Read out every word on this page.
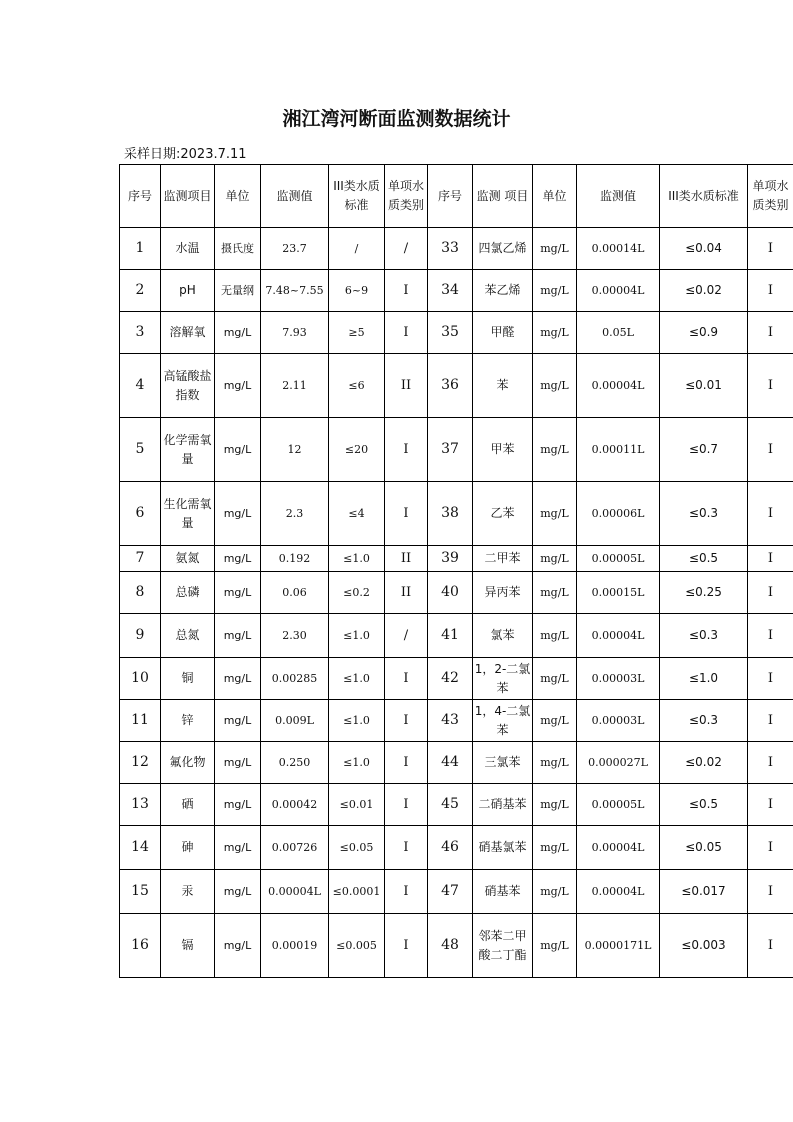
湘江湾河断面监测数据统计
采样日期:2023.7.11
序号	监测项目	单位	监测值	III类水质标准	单项水质类别	序号	监测 项目	单位	监测值	III类水质标准	单项水质类别
1	水温	摄氏度	23.7	/	/	33	四氯乙烯	mg/L	0.00014L	≤0.04	I
2	pH	无量纲	7.48~7.55	6~9	I	34	苯乙烯	mg/L	0.00004L	≤0.02	I
3	溶解氧	mg/L	7.93	≥5	I	35	甲醛	mg/L	0.05L	≤0.9	I
4	高锰酸盐指数	mg/L	2.11	≤6	II	36	苯	mg/L	0.00004L	≤0.01	I
5	化学需氧量	mg/L	12	≤20	I	37	甲苯	mg/L	0.00011L	≤0.7	I
6	生化需氧量	mg/L	2.3	≤4	I	38	乙苯	mg/L	0.00006L	≤0.3	I
7	氨氮	mg/L	0.192	≤1.0	II	39	二甲苯	mg/L	0.00005L	≤0.5	I
8	总磷	mg/L	0.06	≤0.2	II	40	异丙苯	mg/L	0.00015L	≤0.25	I
9	总氮	mg/L	2.30	≤1.0	/	41	氯苯	mg/L	0.00004L	≤0.3	I
10	铜	mg/L	0.00285	≤1.0	I	42	1，2-二氯苯	mg/L	0.00003L	≤1.0	I
11	锌	mg/L	0.009L	≤1.0	I	43	1，4-二氯苯	mg/L	0.00003L	≤0.3	I
12	氟化物	mg/L	0.250	≤1.0	I	44	三氯苯	mg/L	0.000027L	≤0.02	I
13	硒	mg/L	0.00042	≤0.01	I	45	二硝基苯	mg/L	0.00005L	≤0.5	I
14	砷	mg/L	0.00726	≤0.05	I	46	硝基氯苯	mg/L	0.00004L	≤0.05	I
15	汞	mg/L	0.00004L	≤0.0001	I	47	硝基苯	mg/L	0.00004L	≤0.017	I
16	镉	mg/L	0.00019	≤0.005	I	48	邻苯二甲酸二丁酯	mg/L	0.0000171L	≤0.003	I
